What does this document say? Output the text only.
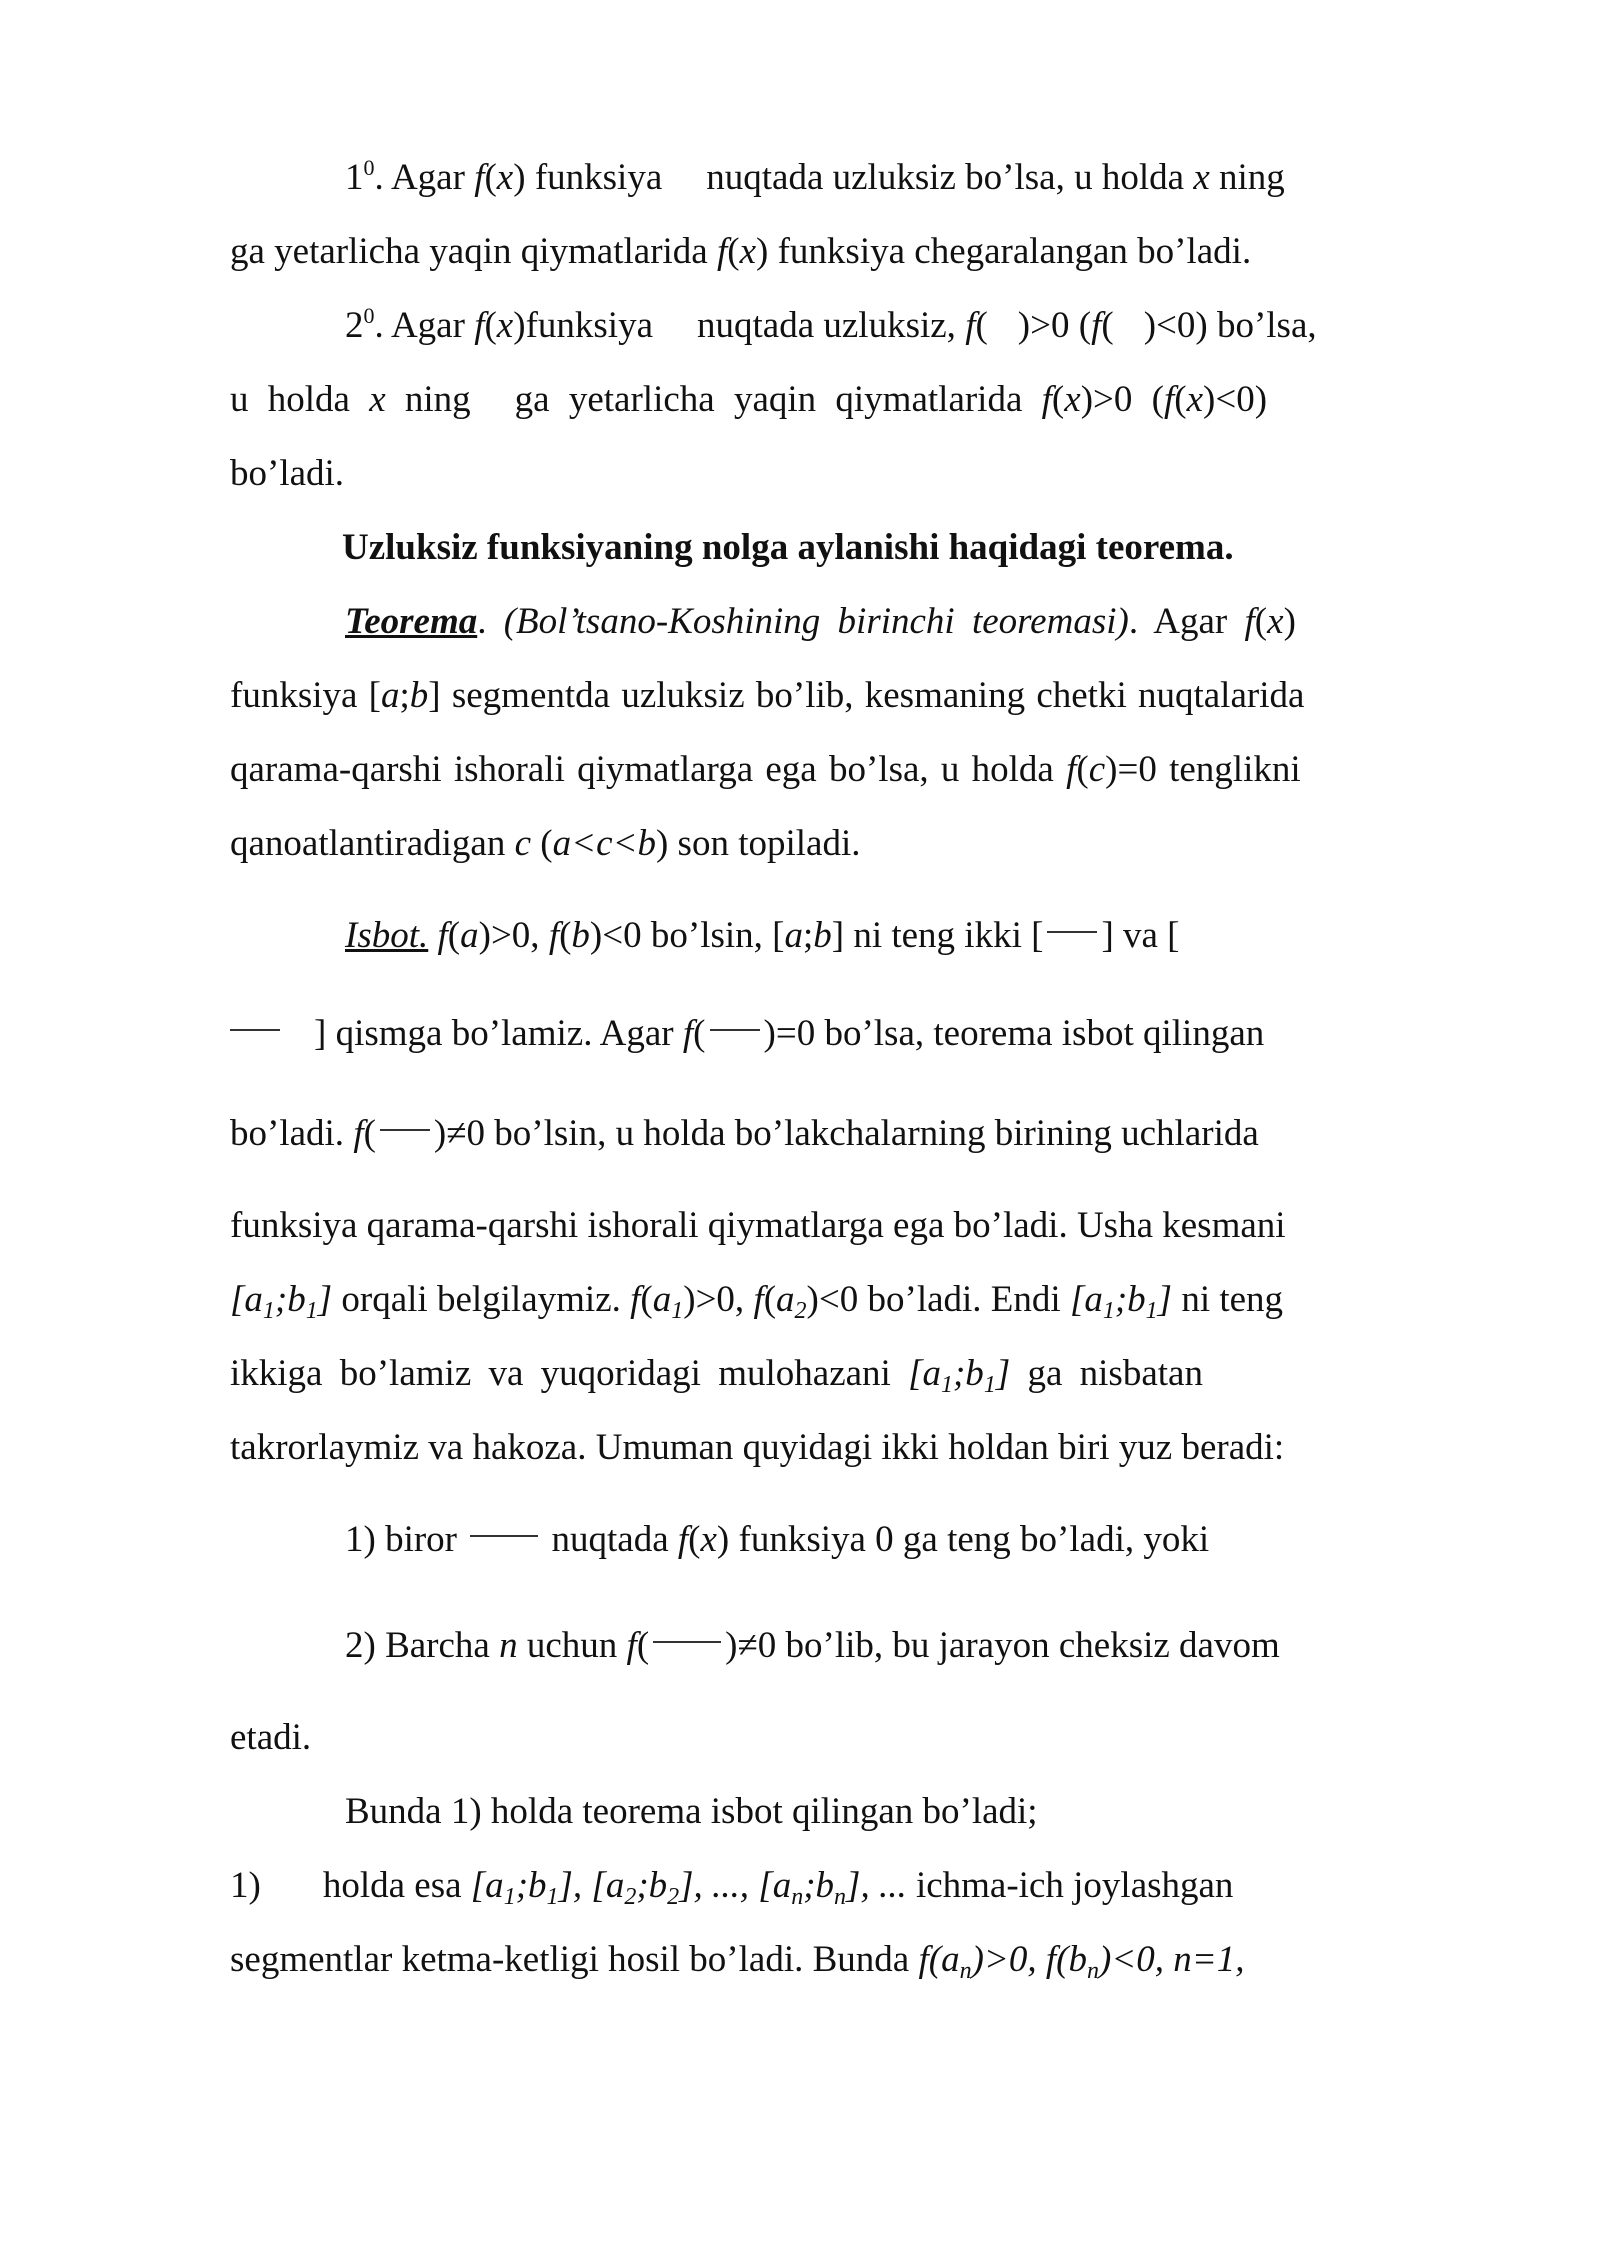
$1^0$. Agar f(x) funksiya nuqtada uzluksiz bo’lsa, u holda x ning
ga yetarlicha yaqin qiymatlarida f(x) funksiya chegaralangan bo’ladi.
$2^0$. Agar f(x)funksiya nuqtada uzluksiz, f( )>0 (f( )<0) bo’lsa,
u holda x ning ga yetarlicha yaqin qiymatlarida f(x)>0 (f(x)<0)
bo’ladi.
Uzluksiz funksiyaning nolga aylanishi haqidagi teorema.
Teorema. (Bol’tsano-Koshining birinchi teoremasi). Agar f(x)
funksiya [a;b] segmentda uzluksiz bo’lib, kesmaning chetki nuqtalarida
qarama-qarshi ishorali qiymatlarga ega bo’lsa, u holda f(c)=0 tenglikni
qanoatlantiradigan c (a<c<b) son topiladi.
Isbot. f(a)>0, f(b)<0 bo’lsin, [a;b] ni teng ikki [ ] va [
] qismga bo’lamiz. Agar f( )=0 bo’lsa, teorema isbot qilingan
bo’ladi. f( )≠0 bo’lsin, u holda bo’lakchalarning birining uchlarida
funksiya qarama-qarshi ishorali qiymatlarga ega bo’ladi. Usha kesmani
$[a_1;b_1]$ orqali belgilaymiz. $f(a_1)>0$, $f(a_2)<0$ bo’ladi. Endi $[a_1;b_1]$ ni teng
ikkiga bo’lamiz va yuqoridagi mulohazani $[a_1;b_1]$ ga nisbatan
takrorlaymiz va hakoza. Umuman quyidagi ikki holdan biri yuz beradi:
1) biror  nuqtada f(x) funksiya 0 ga teng bo’ladi, yoki
2) Barcha n uchun f( )≠0 bo’lib, bu jarayon cheksiz davom
etadi.
Bunda 1) holda teorema isbot qilingan bo’ladi;
1) holda esa $[a_1;b_1]$, $[a_2;b_2]$, ..., $[a_n;b_n]$, ... ichma-ich joylashgan
segmentlar ketma-ketligi hosil bo’ladi. Bunda $f(a_n)>0$, $f(b_n)<0$, n=1,
